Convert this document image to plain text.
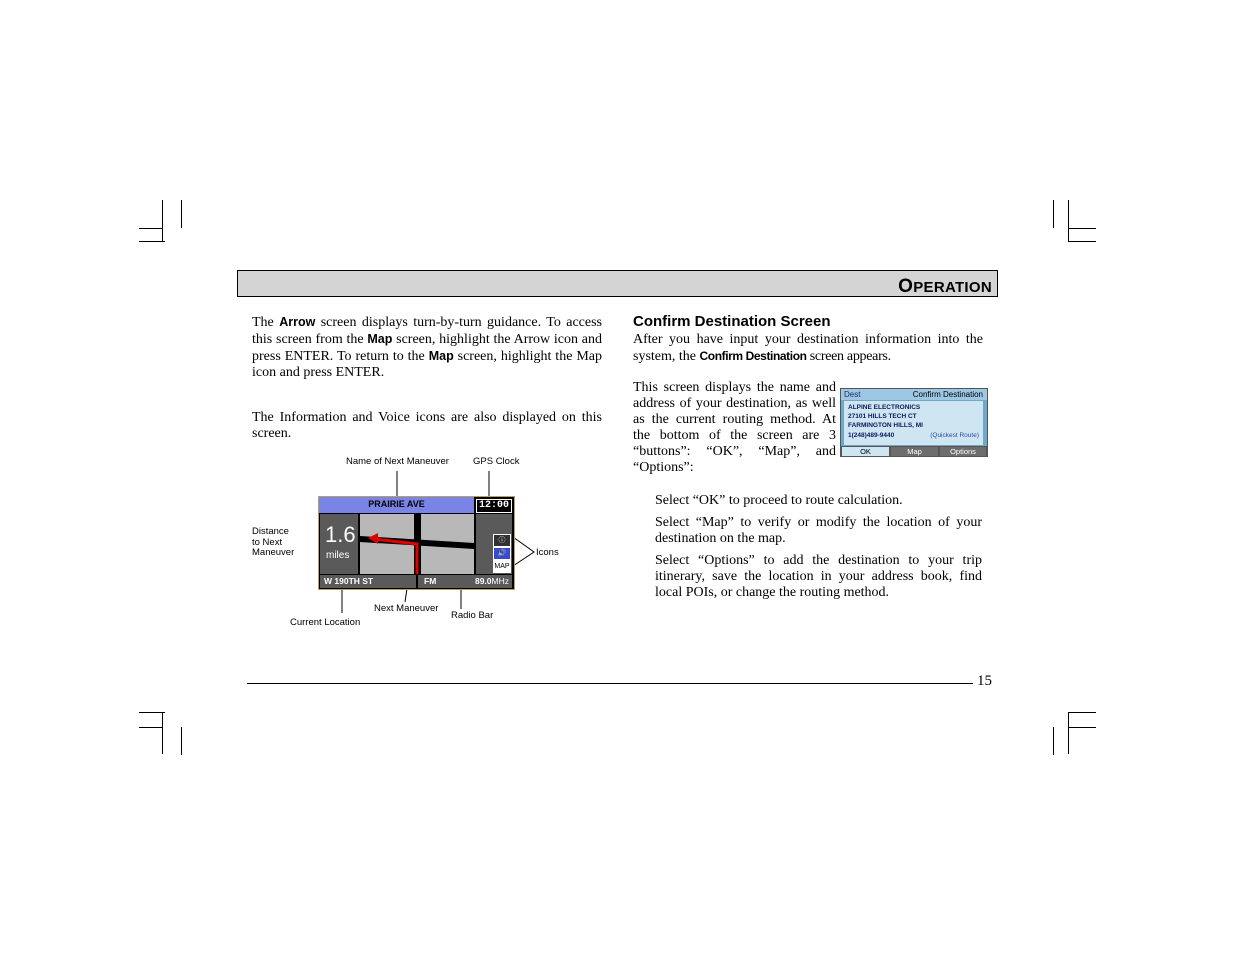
OPERATION
The Arrow screen displays turn-by-turn guidance. To access this screen from the Map screen, highlight the Arrow icon and press ENTER. To return to the Map screen, highlight the Map icon and press ENTER.
The Information and Voice icons are also displayed on this screen.
Name of Next Maneuver	GPS Clock
Distance
to Next
Maneuver	Icons
Next Maneuver
Radio Bar
Current Location
PRAIRIE AVE	12:00
1.6
miles
ⓘ
🔊
MAP
W 190TH ST	FM	89.0MHz
Confirm Destination Screen
After you have input your destination information into the system, the Confirm Destination screen appears.
This screen displays the name and address of your destination, as well as the current routing method. At the bottom of the screen are 3 “buttons”: “OK”, “Map”, and “Options”:
Dest	Confirm Destination
ALPINE ELECTRONICS
27101 HILLS TECH CT
FARMINGTON HILLS, MI
1(248)489-9440	(Quickest Route)
OK	Map	Options
Select “OK” to proceed to route calculation.
Select “Map” to verify or modify the location of your destination on the map.
Select “Options” to add the destination to your trip itinerary, save the location in your address book, find local POIs, or change the routing method.
15
